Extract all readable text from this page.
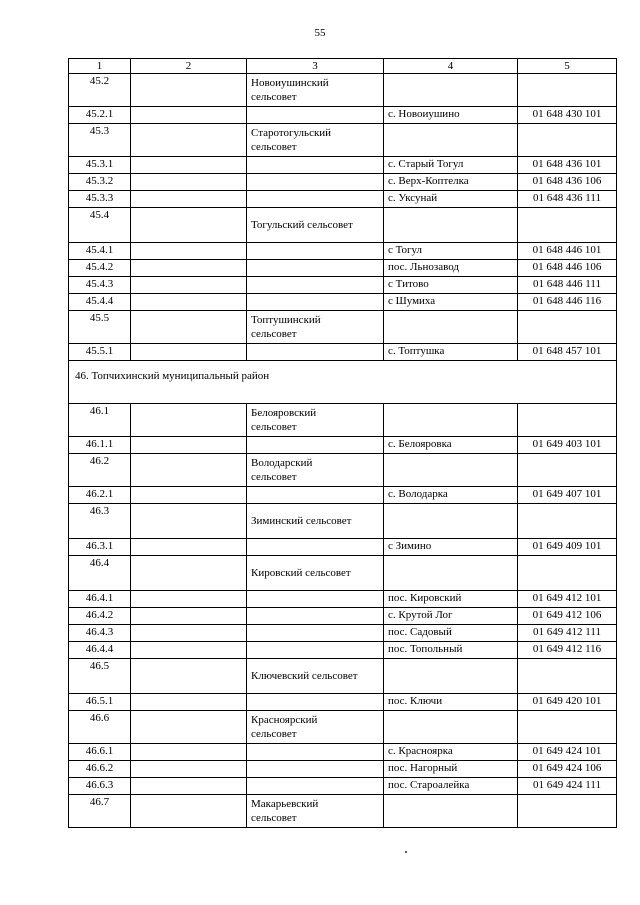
55
1	2	3	4	5
45.2		Новоиушинский
сельсовет		

45.2.1			с. Новоиушино	01 648 430 101
45.3		Старотогульский
сельсовет		

45.3.1			с. Старый Тогул	01 648 436 101
45.3.2			с. Верх-Коптелка	01 648 436 106
45.3.3			с. Уксунай	01 648 436 111
45.4		Тогульский сельсовет		
45.4.1			с Тогул	01 648 446 101
45.4.2			пос. Льнозавод	01 648 446 106
45.4.3			с Титово	01 648 446 111
45.4.4			с Шумиха	01 648 446 116
45.5		Топтушинский
сельсовет		

45.5.1			с. Топтушка	01 648 457 101
46. Топчихинский муниципальный район				
46.1		Белояровский
сельсовет		

46.1.1			с. Белояровка	01 649 403 101
46.2		Володарский
сельсовет		

46.2.1			с. Володарка	01 649 407 101
46.3		Зиминский сельсовет		
46.3.1			с Зимино	01 649 409 101
46.4		Кировский сельсовет		
46.4.1			пос. Кировский	01 649 412 101
46.4.2			с. Крутой Лог	01 649 412 106
46.4.3			пос. Садовый	01 649 412 111
46.4.4			пос. Топольный	01 649 412 116
46.5		Ключевский сельсовет		
46.5.1			пос. Ключи	01 649 420 101
46.6		Красноярский
сельсовет		

46.6.1			с. Красноярка	01 649 424 101
46.6.2			пос. Нагорный	01 649 424 106
46.6.3			пос. Староалейка	01 649 424 111
46.7		Макарьевский
сельсовет		
